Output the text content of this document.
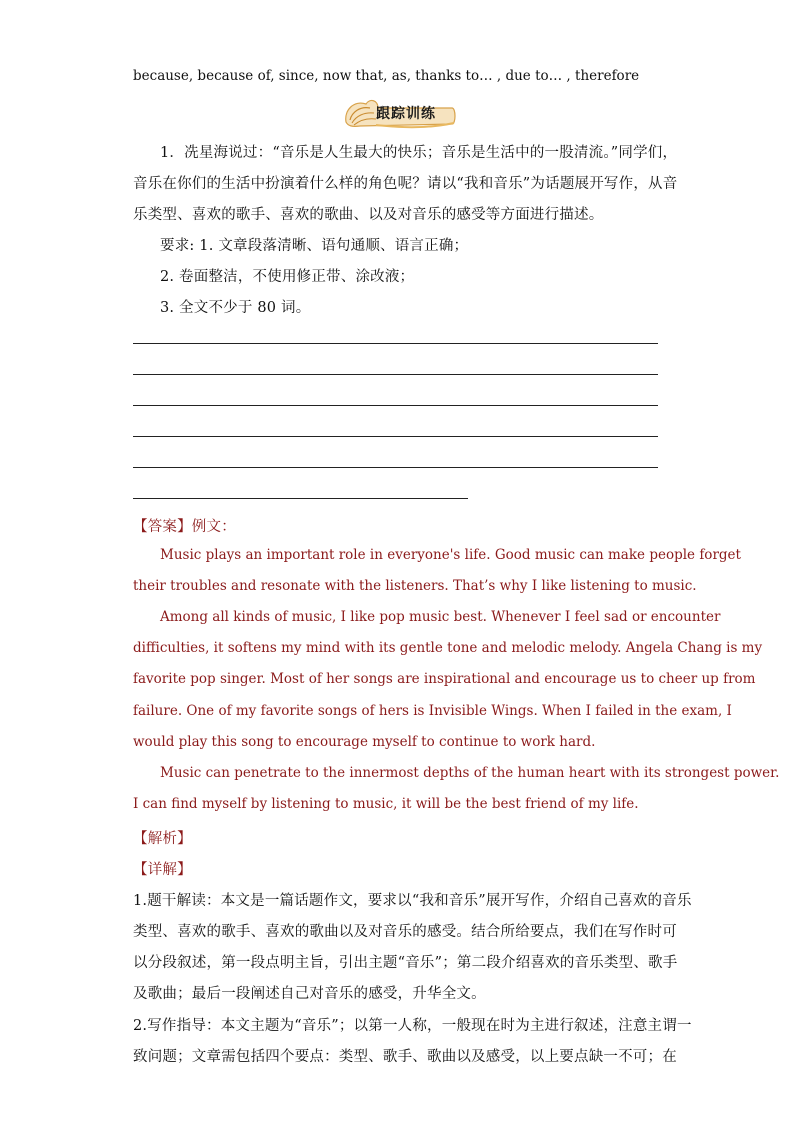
because, because of, since, now that, as, thanks to… , due to… , therefore
跟踪训练
1．冼星海说过：“音乐是人生最大的快乐；音乐是生活中的一股清流。”同学们，
音乐在你们的生活中扮演着什么样的角色呢？请以“我和音乐”为话题展开写作，从音
乐类型、喜欢的歌手、喜欢的歌曲、以及对音乐的感受等方面进行描述。
要求: 1. 文章段落清晰、语句通顺、语言正确；
2. 卷面整洁，不使用修正带、涂改液；
3. 全文不少于 80 词。
【答案】例文：
Music plays an important role in everyone's life. Good music can make people forget
their troubles and resonate with the listeners. That’s why I like listening to music.
Among all kinds of music, I like pop music best. Whenever I feel sad or encounter
difficulties, it softens my mind with its gentle tone and melodic melody. Angela Chang is my
favorite pop singer. Most of her songs are inspirational and encourage us to cheer up from
failure. One of my favorite songs of hers is Invisible Wings. When I failed in the exam, I
would play this song to encourage myself to continue to work hard.
Music can penetrate to the innermost depths of the human heart with its strongest power.
I can find myself by listening to music, it will be the best friend of my life.
【解析】
【详解】
1.题干解读：本文是一篇话题作文，要求以“我和音乐”展开写作，介绍自己喜欢的音乐
类型、喜欢的歌手、喜欢的歌曲以及对音乐的感受。结合所给要点，我们在写作时可
以分段叙述，第一段点明主旨，引出主题“音乐”；第二段介绍喜欢的音乐类型、歌手
及歌曲；最后一段阐述自己对音乐的感受，升华全文。
2.写作指导：本文主题为“音乐”；以第一人称，一般现在时为主进行叙述，注意主谓一
致问题；文章需包括四个要点：类型、歌手、歌曲以及感受，以上要点缺一不可；在
